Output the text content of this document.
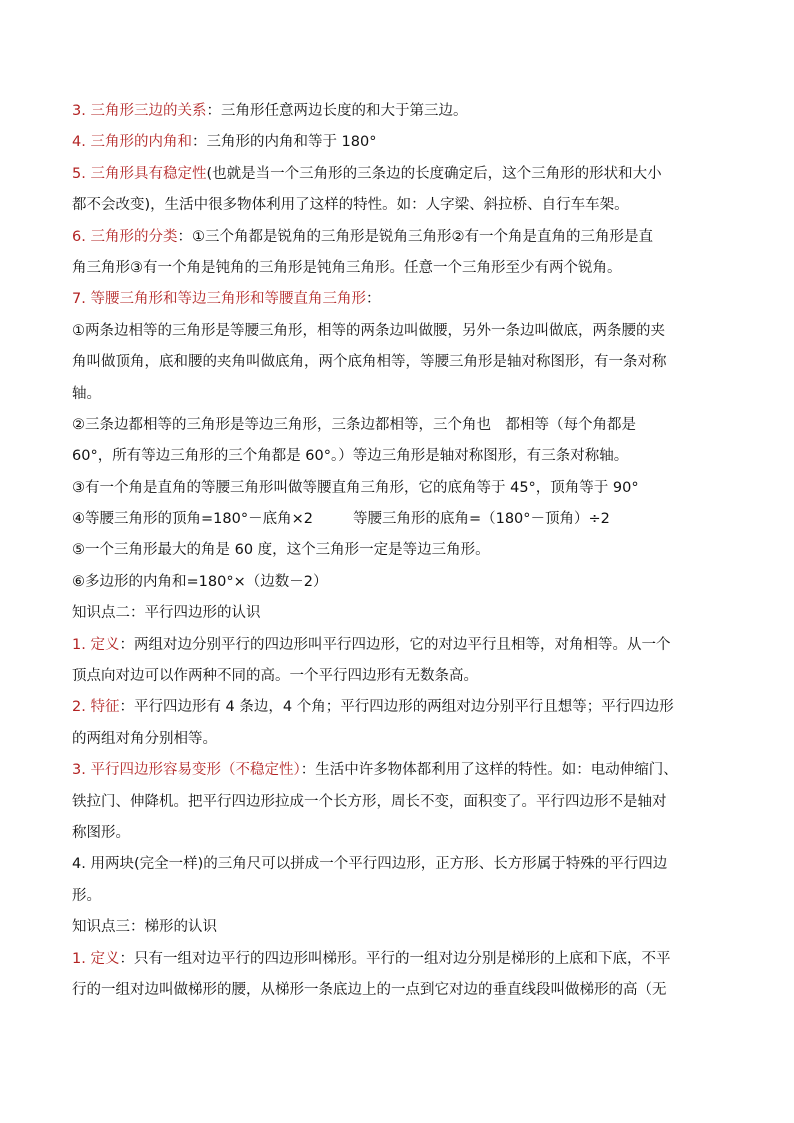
3. 三角形三边的关系：三角形任意两边长度的和大于第三边。
4. 三角形的内角和：三角形的内角和等于 180°
5. 三角形具有稳定性(也就是当一个三角形的三条边的长度确定后，这个三角形的形状和大小
都不会改变)，生活中很多物体利用了这样的特性。如：人字梁、斜拉桥、自行车车架。
6. 三角形的分类：①三个角都是锐角的三角形是锐角三角形②有一个角是直角的三角形是直
角三角形③有一个角是钝角的三角形是钝角三角形。任意一个三角形至少有两个锐角。
7. 等腰三角形和等边三角形和等腰直角三角形：
①两条边相等的三角形是等腰三角形，相等的两条边叫做腰，另外一条边叫做底，两条腰的夹
角叫做顶角，底和腰的夹角叫做底角，两个底角相等，等腰三角形是轴对称图形，有一条对称
轴。
②三条边都相等的三角形是等边三角形，三条边都相等，三个角也　都相等（每个角都是
60°，所有等边三角形的三个角都是 60°。）等边三角形是轴对称图形，有三条对称轴。
③有一个角是直角的等腰三角形叫做等腰直角三角形，它的底角等于 45°，顶角等于 90°
④等腰三角形的顶角=180°－底角×2	等腰三角形的底角=（180°－顶角）÷2
⑤一个三角形最大的角是 60 度，这个三角形一定是等边三角形。
⑥多边形的内角和=180°×（边数－2）
知识点二：平行四边形的认识
1. 定义：两组对边分别平行的四边形叫平行四边形，它的对边平行且相等，对角相等。从一个
顶点向对边可以作两种不同的高。一个平行四边形有无数条高。
2. 特征：平行四边形有 4 条边，4 个角；平行四边形的两组对边分别平行且想等；平行四边形
的两组对角分别相等。
3. 平行四边形容易变形（不稳定性）：生活中许多物体都利用了这样的特性。如：电动伸缩门、
铁拉门、伸降机。把平行四边形拉成一个长方形，周长不变，面积变了。平行四边形不是轴对
称图形。
4. 用两块(完全一样)的三角尺可以拼成一个平行四边形，正方形、长方形属于特殊的平行四边
形。
知识点三：梯形的认识
1. 定义：只有一组对边平行的四边形叫梯形。平行的一组对边分别是梯形的上底和下底，不平
行的一组对边叫做梯形的腰，从梯形一条底边上的一点到它对边的垂直线段叫做梯形的高（无
